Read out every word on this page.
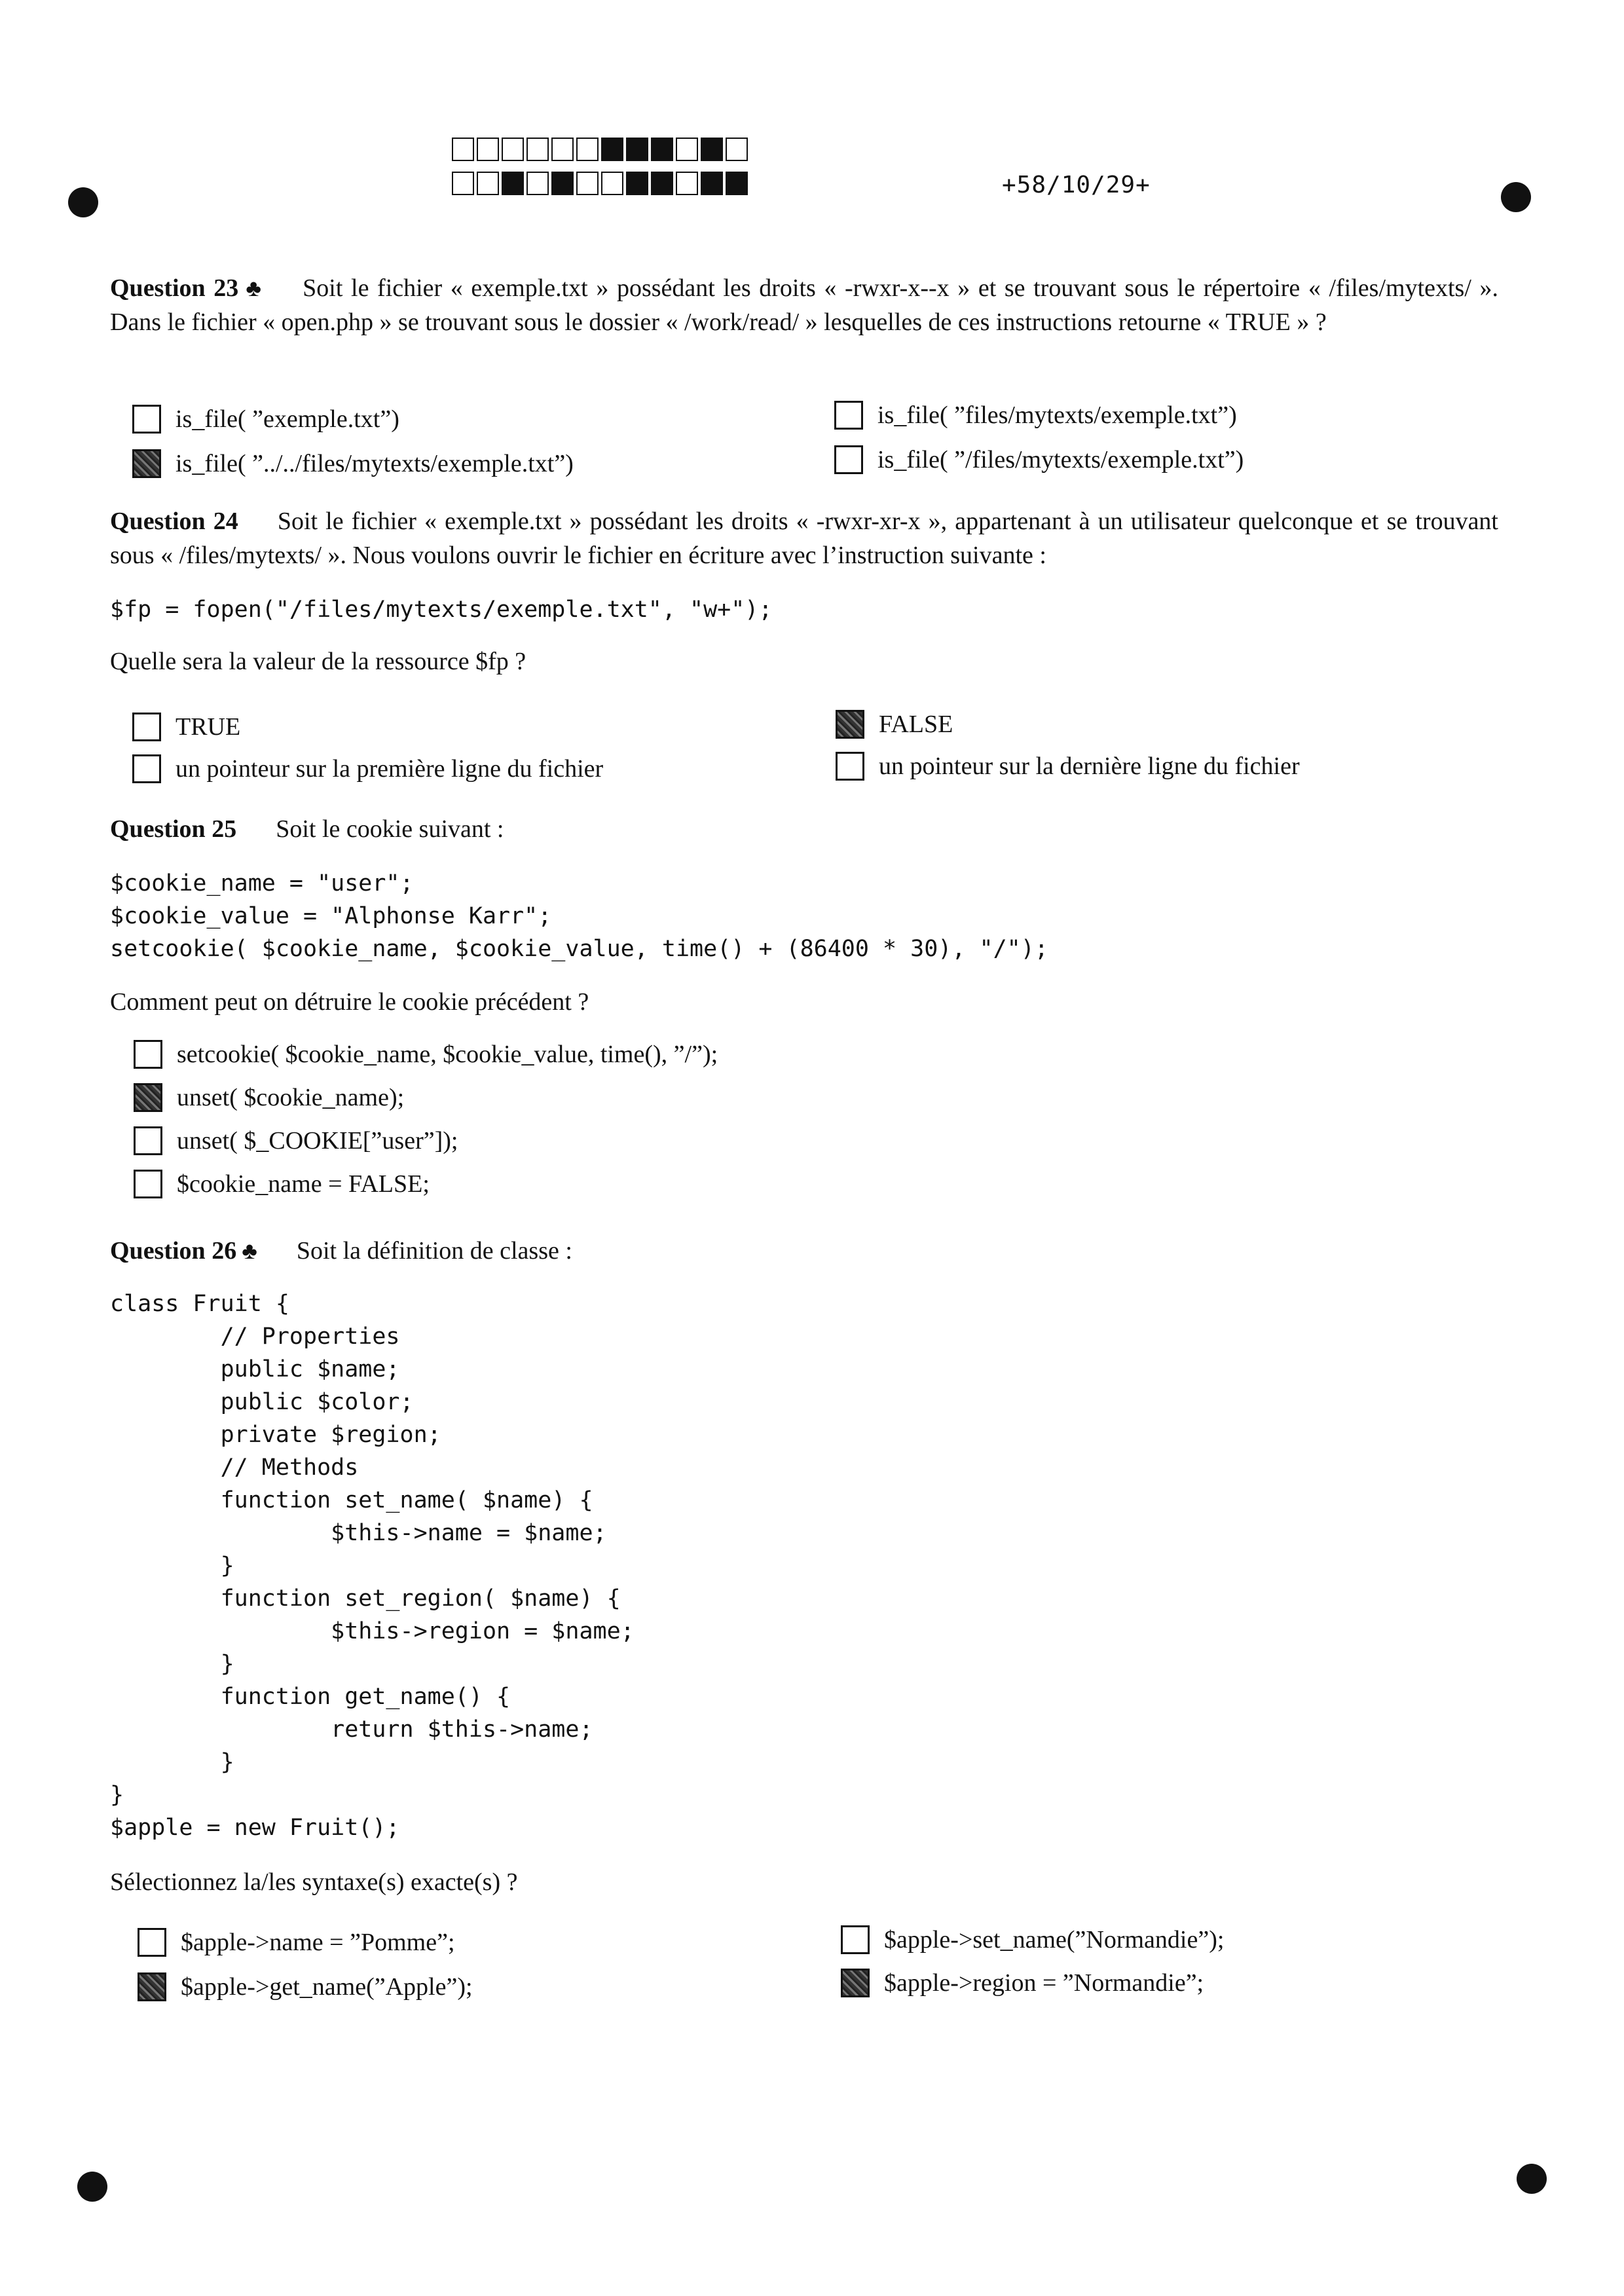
+58/10/29+
Question 23 ♣ Soit le fichier « exemple.txt » possédant les droits « -rwxr-x--x » et se trouvant sous le répertoire « /files/mytexts/ ». Dans le fichier « open.php » se trouvant sous le dossier « /work/read/ » lesquelles de ces instructions retourne « TRUE » ?
is_file( ”exemple.txt”)
is_file( ”../../files/mytexts/exemple.txt”)
is_file( ”files/mytexts/exemple.txt”)
is_file( ”/files/mytexts/exemple.txt”)
Question 24 Soit le fichier « exemple.txt » possédant les droits « -rwxr-xr-x », appartenant à un utilisateur quelconque et se trouvant sous « /files/mytexts/ ». Nous voulons ouvrir le fichier en écriture avec l’instruction suivante :
$fp = fopen("/files/mytexts/exemple.txt", "w+");
Quelle sera la valeur de la ressource $fp ?
TRUE
un pointeur sur la première ligne du fichier
FALSE
un pointeur sur la dernière ligne du fichier
Question 25 Soit le cookie suivant :
$cookie_name = "user";
$cookie_value = "Alphonse Karr";
setcookie( $cookie_name, $cookie_value, time() + (86400 * 30), "/");
Comment peut on détruire le cookie précédent ?
setcookie( $cookie_name, $cookie_value, time(), ”/”);
unset( $cookie_name);
unset( $_COOKIE[”user”]);
$cookie_name = FALSE;
Question 26 ♣ Soit la définition de classe :
class Fruit {
// Properties
public $name;
public $color;
private $region;
// Methods
function set_name( $name) {
$this->name = $name;
}
function set_region( $name) {
$this->region = $name;
}
function get_name() {
return $this->name;
}
}
$apple = new Fruit();
Sélectionnez la/les syntaxe(s) exacte(s) ?
$apple->name = ”Pomme”;
$apple->get_name(”Apple”);
$apple->set_name(”Normandie”);
$apple->region = ”Normandie”;
